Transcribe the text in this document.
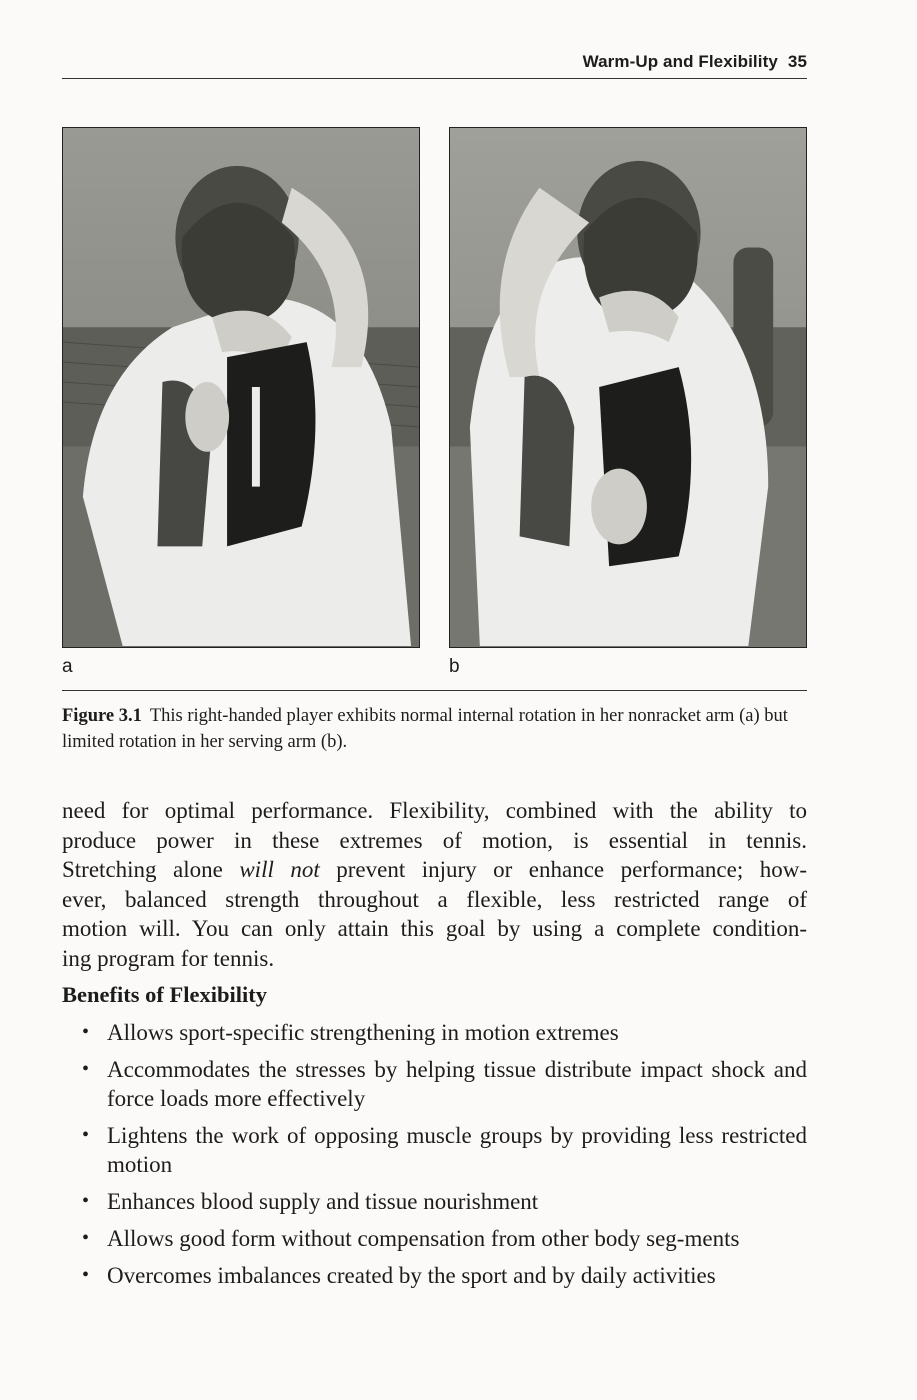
Warm-Up and Flexibility 35
a	b
Figure 3.1 This right-handed player exhibits normal internal rotation in her nonracket arm (a) but limited rotation in her serving arm (b).
need for optimal performance. Flexibility, combined with the ability to
produce power in these extremes of motion, is essential in tennis.
Stretching alone will not prevent injury or enhance performance; how-
ever, balanced strength throughout a flexible, less restricted range of
motion will. You can only attain this goal by using a complete condition-
ing program for tennis.
Benefits of Flexibility
• Allows sport-specific strengthening in motion extremes
• Accommodates the stresses by helping tissue distribute impact shock and force loads more effectively
• Lightens the work of opposing muscle groups by providing less restricted motion
• Enhances blood supply and tissue nourishment
• Allows good form without compensation from other body seg-ments
• Overcomes imbalances created by the sport and by daily activities
